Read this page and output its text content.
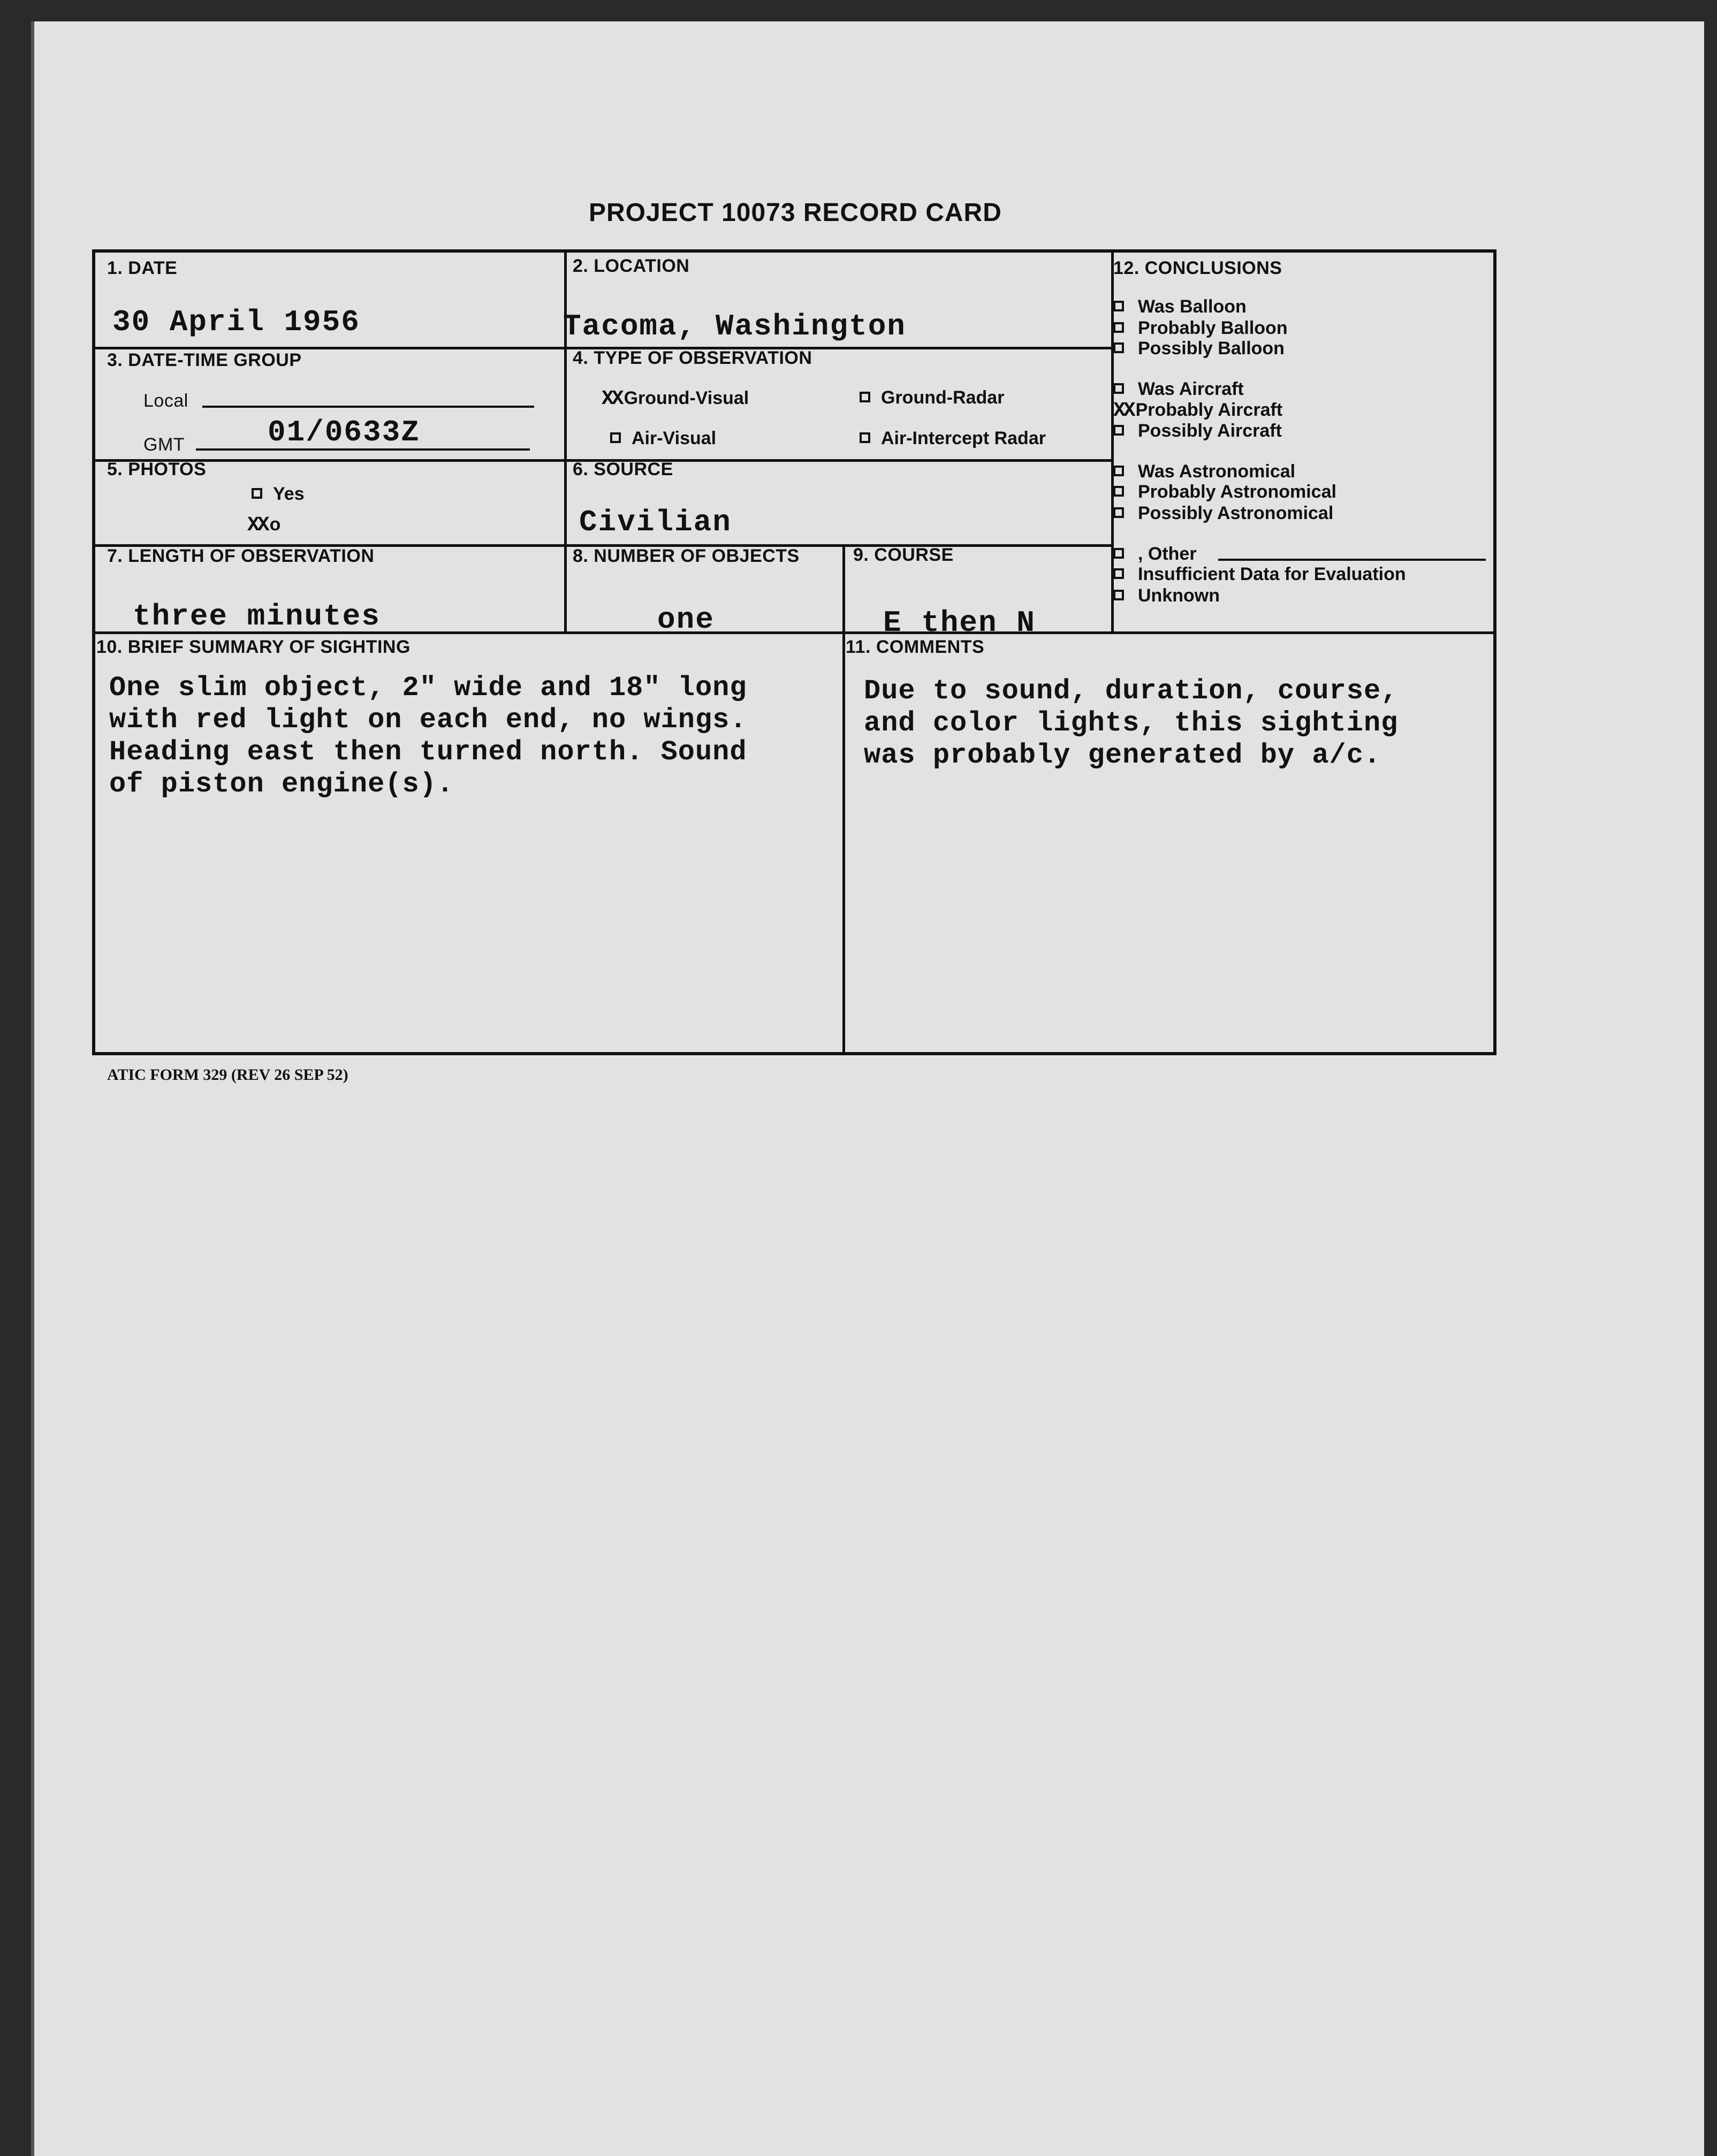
PROJECT 10073 RECORD CARD
1. DATE
30 April 1956
2. LOCATION
Tacoma, Washington
3. DATE-TIME GROUP
Local
GMT	01/0633Z
4. TYPE OF OBSERVATION
XX Ground-Visual	Ground-Radar
Air-Visual	Air-Intercept Radar
5. PHOTOS
Yes
XX o
6. SOURCE
Civilian
7. LENGTH OF OBSERVATION
three minutes
8. NUMBER OF OBJECTS
one
9. COURSE
E then N
10. BRIEF SUMMARY OF SIGHTING
One slim object, 2" wide and 18" long
with red light on each end, no wings.
Heading east then turned north. Sound
of piston engine(s).
11. COMMENTS
Due to sound, duration, course,
and color lights, this sighting
was probably generated by a/c.
12. CONCLUSIONS
Was Balloon
Probably Balloon
Possibly Balloon
Was Aircraft
XX Probably Aircraft
Possibly Aircraft
Was Astronomical
Probably Astronomical
Possibly Astronomical
, Other
Insufficient Data for Evaluation
Unknown
ATIC FORM 329 (REV 26 SEP 52)
